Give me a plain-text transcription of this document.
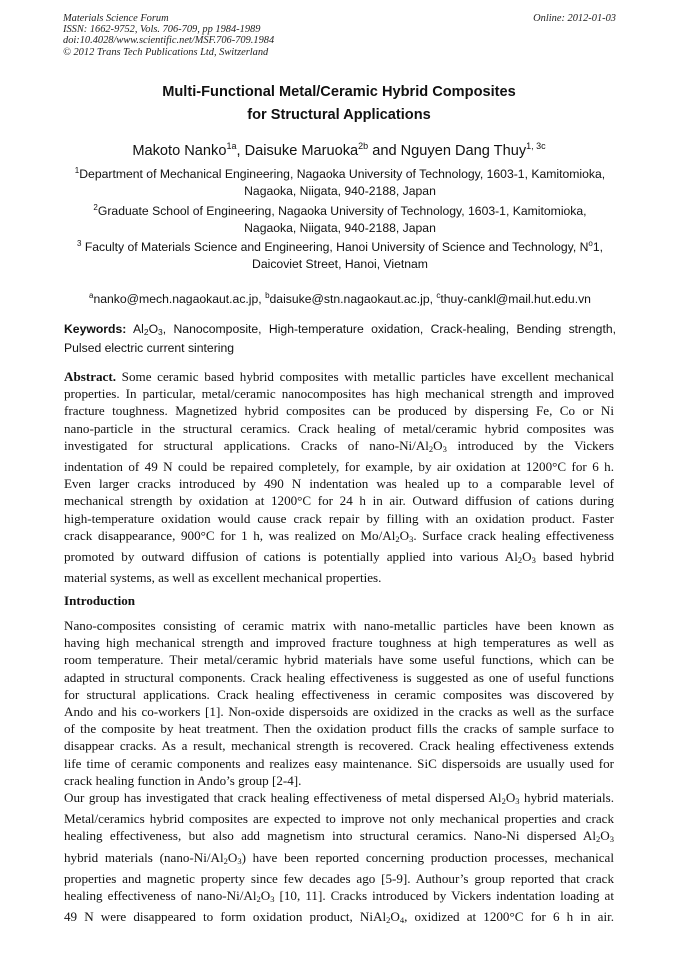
Materials Science Forum
ISSN: 1662-9752, Vols. 706-709, pp 1984-1989
doi:10.4028/www.scientific.net/MSF.706-709.1984
© 2012 Trans Tech Publications Ltd, Switzerland
Online: 2012-01-03
Multi-Functional Metal/Ceramic Hybrid Composites
for Structural Applications
Makoto Nanko$^{1a}$, Daisuke Maruoka$^{2b}$ and Nguyen Dang Thuy$^{1, 3c}$
$^1$Department of Mechanical Engineering, Nagaoka University of Technology, 1603-1, Kamitomioka,
Nagaoka, Niigata, 940-2188, Japan
$^2$Graduate School of Engineering, Nagaoka University of Technology, 1603-1, Kamitomioka,
Nagaoka, Niigata, 940-2188, Japan
$^3$ Faculty of Materials Science and Engineering, Hanoi University of Science and Technology, $N^o1$,
Daicoviet Street, Hanoi, Vietnam
$^a$nanko@mech.nagaokaut.ac.jp, $^b$daisuke@stn.nagaokaut.ac.jp, $^c$thuy-cankl@mail.hut.edu.vn
Keywords: $Al_2O_3$, Nanocomposite, High-temperature oxidation, Crack-healing, Bending strength,
Pulsed electric current sintering
Abstract. Some ceramic based hybrid composites with metallic particles have excellent mechanical
properties. In particular, metal/ceramic nanocomposites has high mechanical strength and improved
fracture toughness. Magnetized hybrid composites can be produced by dispersing Fe, Co or Ni
nano-particle in the structural ceramics. Crack healing of metal/ceramic hybrid composites was
investigated for structural applications. Cracks of nano-$Ni/Al_2O_3$ introduced by the Vickers
indentation of 49 N could be repaired completely, for example, by air oxidation at 1200°C for 6 h.
Even larger cracks introduced by 490 N indentation was healed up to a comparable level of
mechanical strength by oxidation at 1200°C for 24 h in air. Outward diffusion of cations during
high-temperature oxidation would cause crack repair by filling with an oxidation product. Faster
crack disappearance, 900°C for 1 h, was realized on $Mo/Al_2O_3$. Surface crack healing effectiveness
promoted by outward diffusion of cations is potentially applied into various $Al_2O_3$ based hybrid
material systems, as well as excellent mechanical properties.
Introduction
Nano-composites consisting of ceramic matrix with nano-metallic particles have been known as
having high mechanical strength and improved fracture toughness at high temperatures as well as
room temperature. Their metal/ceramic hybrid materials have some useful functions, which can be
adapted in structural components. Crack healing effectiveness is suggested as one of useful functions
for structural applications. Crack healing effectiveness in ceramic composites was discovered by
Ando and his co-workers [1]. Non-oxide dispersoids are oxidized in the cracks as well as the surface
of the composite by heat treatment. Then the oxidation product fills the cracks of sample surface to
disappear cracks. As a result, mechanical strength is recovered. Crack healing effectiveness extends
life time of ceramic components and realizes easy maintenance. SiC dispersoids are usually used for
crack healing function in Ando’s group [2-4].
Our group has investigated that crack healing effectiveness of metal dispersed $Al_2O_3$ hybrid materials.
Metal/ceramics hybrid composites are expected to improve not only mechanical properties and crack
healing effectiveness, but also add magnetism into structural ceramics. Nano-Ni dispersed $Al_2O_3$
hybrid materials $(nano-Ni/Al_2O_3)$ have been reported concerning production processes, mechanical
properties and magnetic property since few decades ago [5-9]. Authour’s group reported that crack
healing effectiveness of nano-$Ni/Al_2O_3$ [10, 11]. Cracks introduced by Vickers indentation loading at
49 N were disappeared to form oxidation product, $NiAl_2O_4$, oxidized at 1200°C for 6 h in air.
